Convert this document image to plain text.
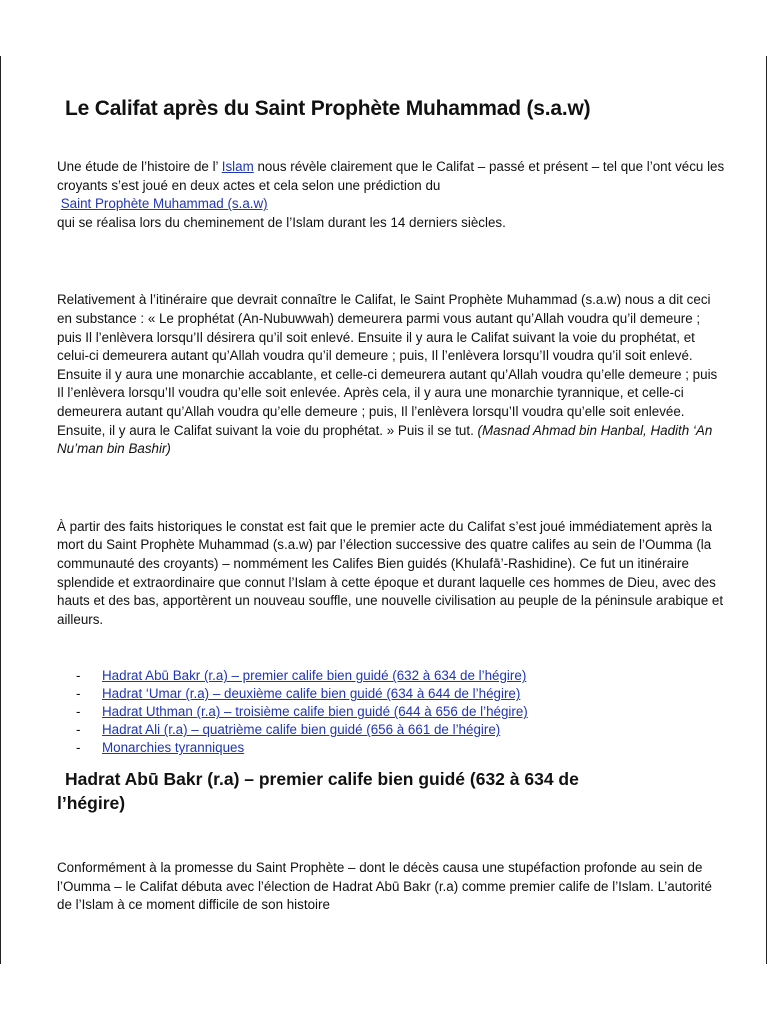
Le Califat après du Saint Prophète Muhammad (s.a.w)

Une étude de l’histoire de l’ Islam nous révèle clairement que le Califat – passé et présent – tel que l’ont vécu les croyants s’est joué en deux actes et cela selon une prédiction du
Saint Prophète Muhammad (s.a.w)
qui se réalisa lors du cheminement de l’Islam durant les 14 derniers siècles.

Relativement à l’itinéraire que devrait connaître le Califat, le Saint Prophète Muhammad (s.a.w) nous a dit ceci en substance : « Le prophétat (An-Nubuwwah) demeurera parmi vous autant qu’Allah voudra qu’il demeure ; puis Il l’enlèvera lorsqu’Il désirera qu’il soit enlevé. Ensuite il y aura le Califat suivant la voie du prophétat, et celui-ci demeurera autant qu’Allah voudra qu’il demeure ; puis, Il l’enlèvera lorsqu’Il voudra qu’il soit enlevé. Ensuite il y aura une monarchie accablante, et celle-ci demeurera autant qu’Allah voudra qu’elle demeure ; puis Il l’enlèvera lorsqu’Il voudra qu’elle soit enlevée. Après cela, il y aura une monarchie tyrannique, et celle-ci demeurera autant qu’Allah voudra qu’elle demeure ; puis, Il l’enlèvera lorsqu’Il voudra qu’elle soit enlevée. Ensuite, il y aura le Califat suivant la voie du prophétat. » Puis il se tut. (Masnad Ahmad bin Hanbal, Hadith ‘An Nu’man bin Bashir)

À partir des faits historiques le constat est fait que le premier acte du Califat s’est joué immédiatement après la mort du Saint Prophète Muhammad (s.a.w) par l’élection successive des quatre califes au sein de l’Oumma (la communauté des croyants) – nommément les Califes Bien guidés (Khulafā’-Rashidine). Ce fut un itinéraire splendide et extraordinaire que connut l’Islam à cette époque et durant laquelle ces hommes de Dieu, avec des hauts et des bas, apportèrent un nouveau souffle, une nouvelle civilisation au peuple de la péninsule arabique et ailleurs.

- Hadrat Abū Bakr (r.a) – premier calife bien guidé (632 à 634 de l’hégire)
- Hadrat ‘Umar (r.a) – deuxième calife bien guidé (634 à 644 de l’hégire)
- Hadrat Uthman (r.a) – troisième calife bien guidé (644 à 656 de l’hégire)
- Hadrat Ali (r.a) – quatrième calife bien guidé (656 à 661 de l’hégire)
- Monarchies tyranniques
Hadrat Abū Bakr (r.a) – premier calife bien guidé (632 à 634 de
l’hégire)

Conformément à la promesse du Saint Prophète – dont le décès causa une stupéfaction profonde au sein de l’Oumma – le Califat débuta avec l’élection de Hadrat Abū Bakr (r.a) comme premier calife de l’Islam. L’autorité de l’Islam à ce moment difficile de son histoire
